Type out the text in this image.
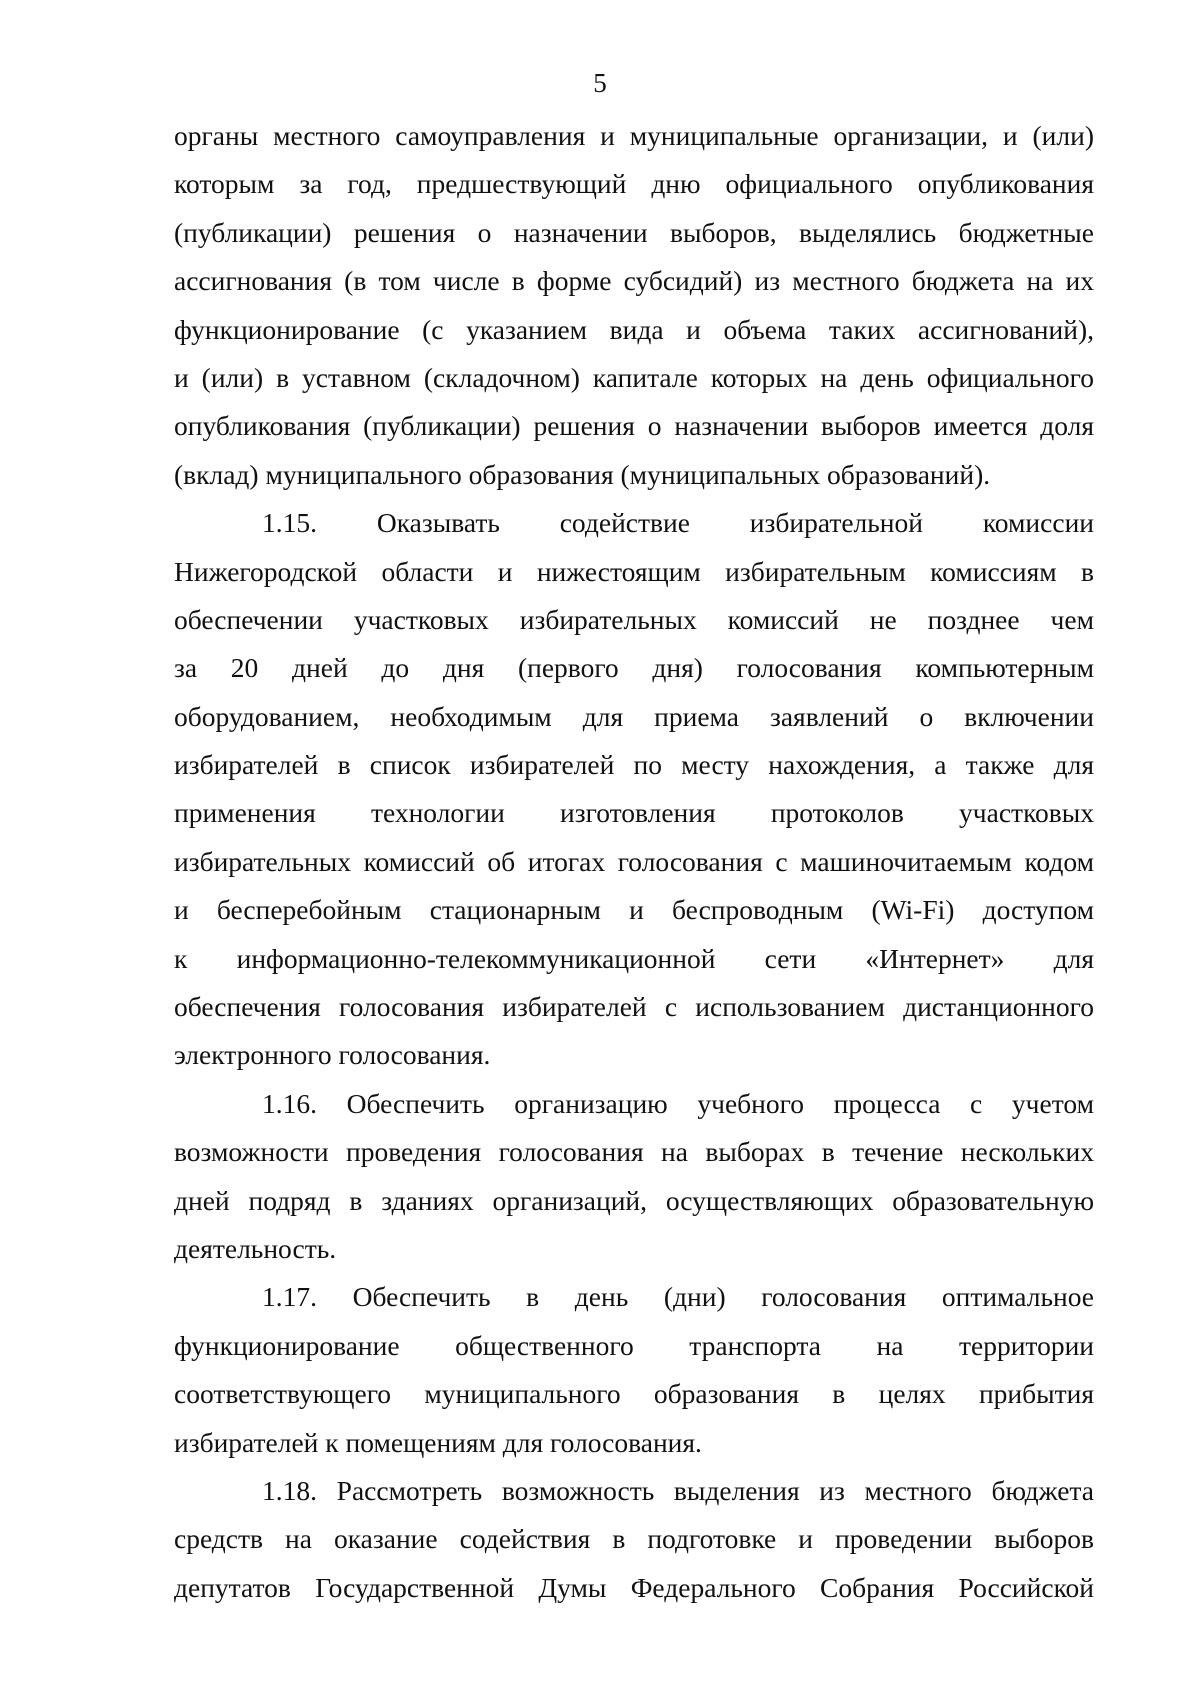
5
органы местного самоуправления и муниципальные организации, и (или)
которым за год, предшествующий дню официального опубликования
(публикации) решения о назначении выборов, выделялись бюджетные
ассигнования (в том числе в форме субсидий) из местного бюджета на их
функционирование (с указанием вида и объема таких ассигнований),
и (или) в уставном (складочном) капитале которых на день официального
опубликования (публикации) решения о назначении выборов имеется доля
(вклад) муниципального образования (муниципальных образований).
1.15. Оказывать содействие избирательной комиссии
Нижегородской области и нижестоящим избирательным комиссиям в
обеспечении участковых избирательных комиссий не позднее чем
за 20 дней до дня (первого дня) голосования компьютерным
оборудованием, необходимым для приема заявлений о включении
избирателей в список избирателей по месту нахождения, а также для
применения технологии изготовления протоколов участковых
избирательных комиссий об итогах голосования с машиночитаемым кодом
и бесперебойным стационарным и беспроводным (Wi-Fi) доступом
к информационно-телекоммуникационной сети «Интернет» для
обеспечения голосования избирателей с использованием дистанционного
электронного голосования.
1.16. Обеспечить организацию учебного процесса с учетом
возможности проведения голосования на выборах в течение нескольких
дней подряд в зданиях организаций, осуществляющих образовательную
деятельность.
1.17. Обеспечить в день (дни) голосования оптимальное
функционирование общественного транспорта на территории
соответствующего муниципального образования в целях прибытия
избирателей к помещениям для голосования.
1.18. Рассмотреть возможность выделения из местного бюджета
средств на оказание содействия в подготовке и проведении выборов
депутатов Государственной Думы Федерального Собрания Российской
